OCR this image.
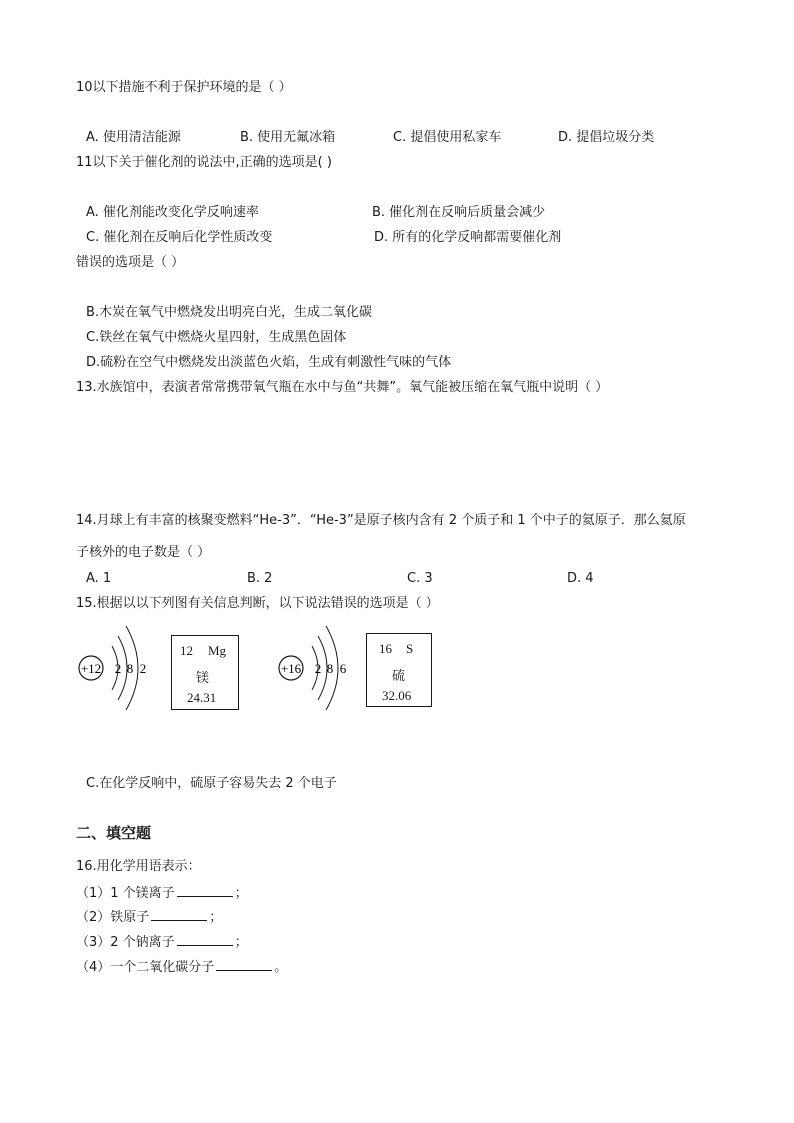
10以下措施不利于保护环境的是（ ）
A. 使用清洁能源	B. 使用无氟冰箱	C. 提倡使用私家车	D. 提倡垃圾分类
11以下关于催化剂的说法中,正确的选项是( )
A. 催化剂能改变化学反响速率	B. 催化剂在反响后质量会减少
C. 催化剂在反响后化学性质改变	D. 所有的化学反响都需要催化剂
错误的选项是（ ）
B.木炭在氧气中燃烧发出明亮白光，生成二氧化碳
C.铁丝在氧气中燃烧火星四射，生成黑色固体
D.硫粉在空气中燃烧发出淡蓝色火焰，生成有刺激性气味的气体
13.水族馆中，表演者常常携带氧气瓶在水中与鱼“共舞”。氧气能被压缩在氧气瓶中说明（ ）
14.月球上有丰富的核聚变燃料“He-3”．“He-3”是原子核内含有 2 个质子和 1 个中子的氦原子．那么氦原
子核外的电子数是（ ）
A. 1	B. 2	C. 3	D. 4
15.根据以以下列图有关信息判断，以下说法错误的选项是（ ）
+12 2 8 2
12 Mg
镁
24.31
+16 2 8 6
16 S
硫
32.06
C.在化学反响中，硫原子容易失去 2 个电子
二、填空题
16.用化学用语表示：
（1）1 个镁离子	；
（2）铁原子	；
（3）2 个钠离子	；
（4）一个二氧化碳分子	。
